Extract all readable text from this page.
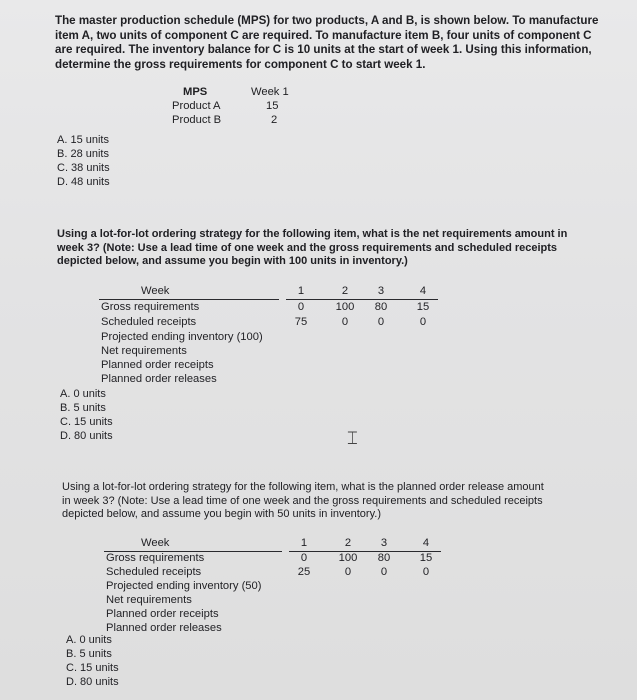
The master production schedule (MPS) for two products, A and B, is shown below. To manufacture
item A, two units of component C are required. To manufacture item B, four units of component C
are required. The inventory balance for C is 10 units at the start of week 1. Using this information,
determine the gross requirements for component C to start week 1.
MPS	Week 1
Product A	15
Product B	2
A. 15 units
B. 28 units
C. 38 units
D. 48 units
Using a lot-for-lot ordering strategy for the following item, what is the net requirements amount in
week 3? (Note: Use a lead time of one week and the gross requirements and scheduled receipts
depicted below, and assume you begin with 100 units in inventory.)
Week	1	2	3	4
Gross requirements	0	100	80	15
Scheduled receipts	75	0	0	0
Projected ending inventory (100)
Net requirements
Planned order receipts
Planned order releases
A. 0 units
B. 5 units
C. 15 units
D. 80 units	⌶
Using a lot-for-lot ordering strategy for the following item, what is the planned order release amount
in week 3? (Note: Use a lead time of one week and the gross requirements and scheduled receipts
depicted below, and assume you begin with 50 units in inventory.)
Week	1	2	3	4
Gross requirements	0	100	80	15
Scheduled receipts	25	0	0	0
Projected ending inventory (50)
Net requirements
Planned order receipts
Planned order releases
A. 0 units
B. 5 units
C. 15 units
D. 80 units
